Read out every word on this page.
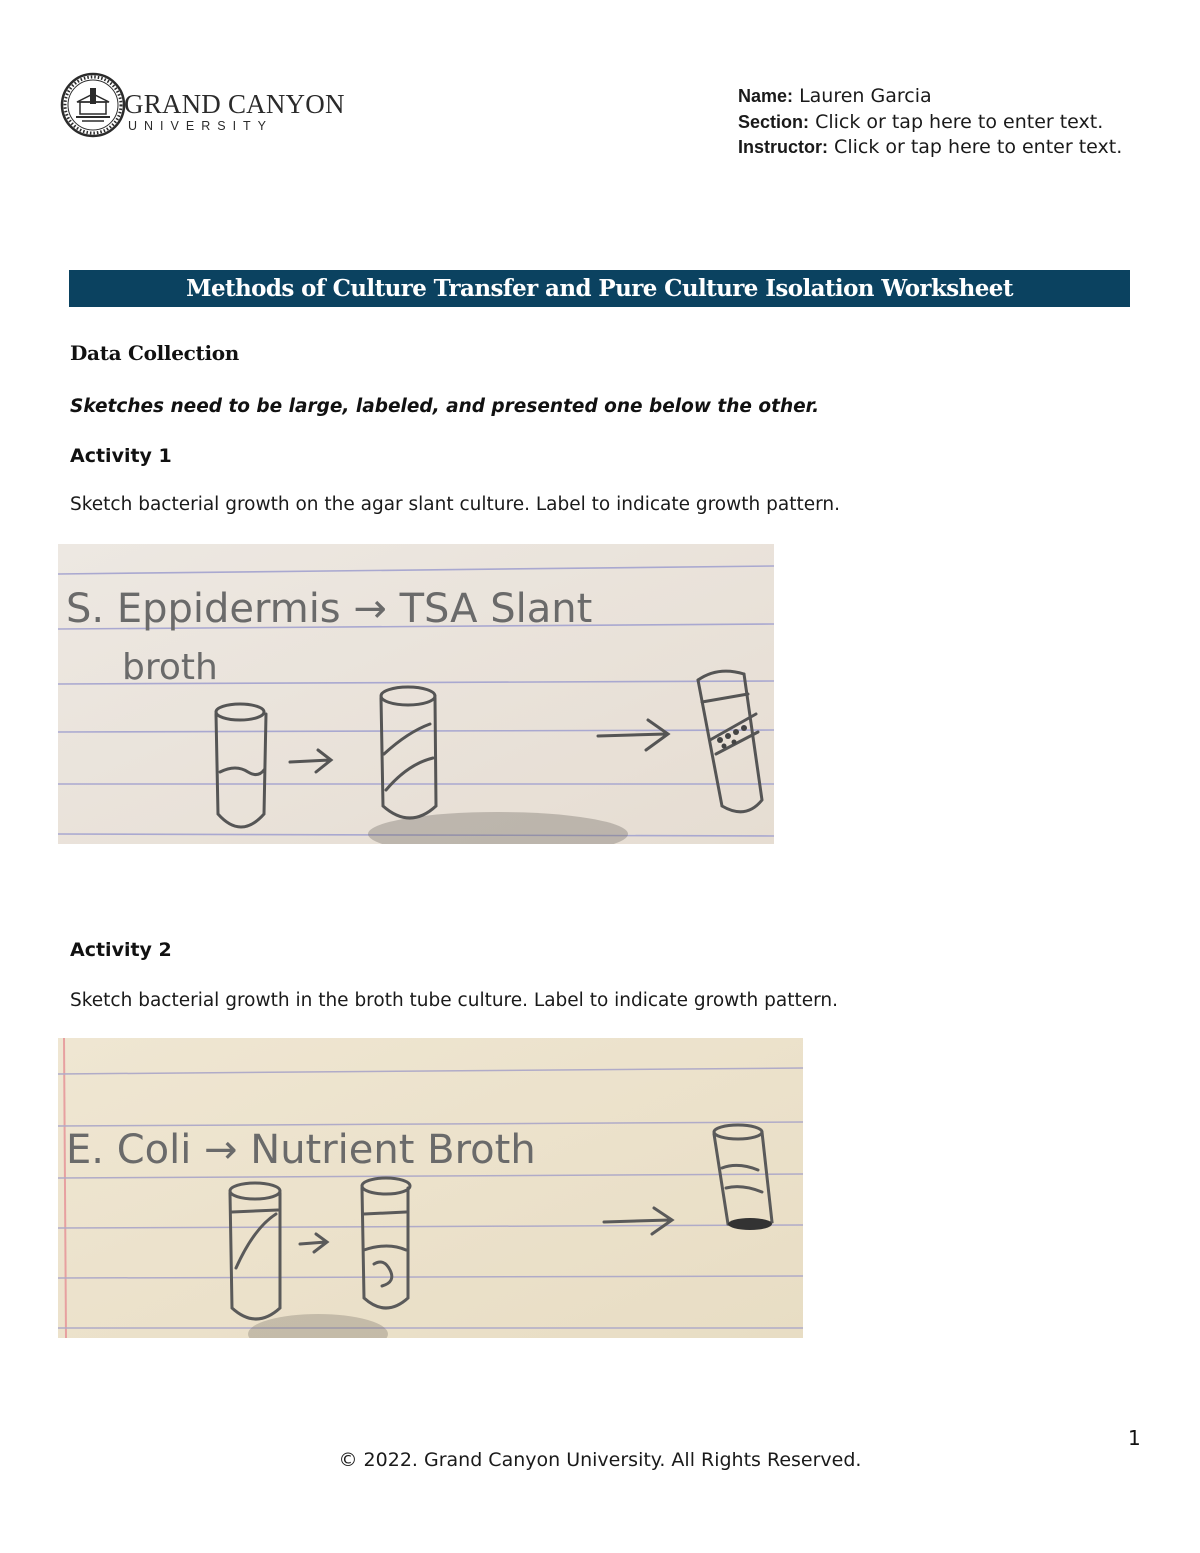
GRAND CANYON
UNIVERSITY
Name: Lauren Garcia
Section: Click or tap here to enter text.
Instructor: Click or tap here to enter text.
Methods of Culture Transfer and Pure Culture Isolation Worksheet
Data Collection
Sketches need to be large, labeled, and presented one below the other.
Activity 1
Sketch bacterial growth on the agar slant culture. Label to indicate growth pattern.
S. Eppidermis → TSA Slant
broth
Activity 2
Sketch bacterial growth in the broth tube culture. Label to indicate growth pattern.
E. Coli → Nutrient Broth
1
© 2022. Grand Canyon University. All Rights Reserved.
